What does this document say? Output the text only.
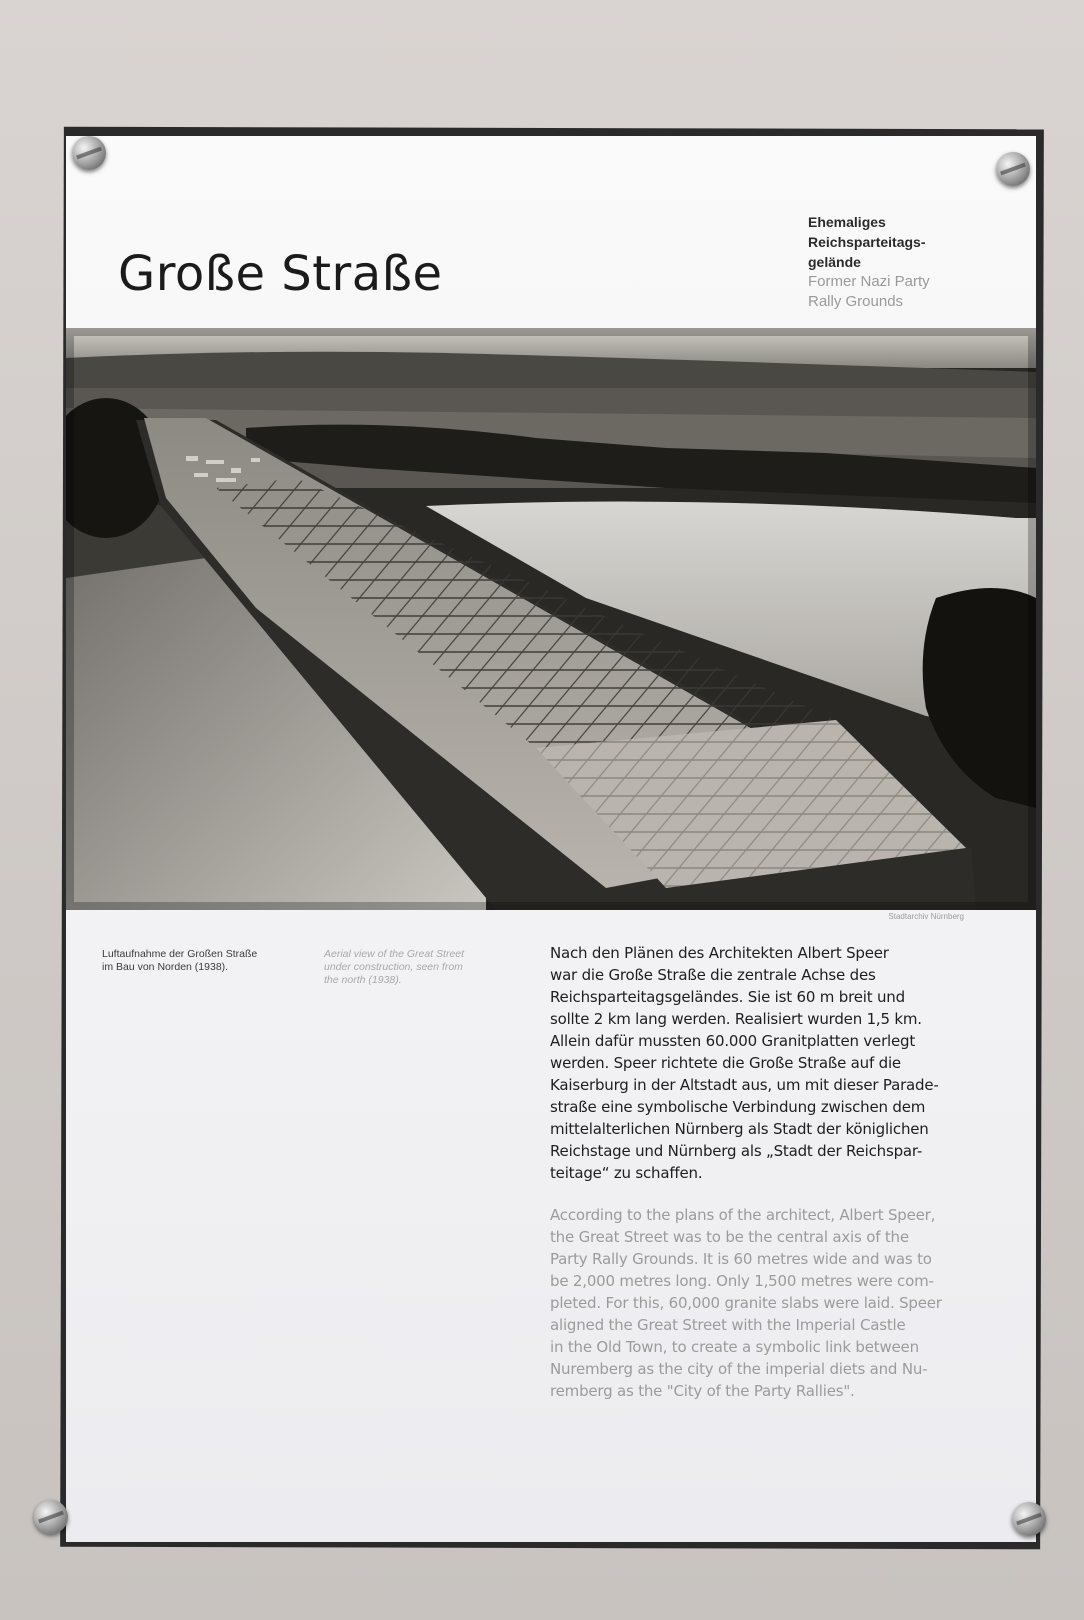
Große Straße
Ehemaliges
Reichsparteitags-
gelände
Former Nazi Party
Rally Grounds
Stadtarchiv Nürnberg
Luftaufnahme der Großen Straße
im Bau von Norden (1938).
Aerial view of the Great Street
under construction, seen from
the north (1938).

Nach den Plänen des Architekten Albert Speer
war die Große Straße die zentrale Achse des
Reichsparteitagsgeländes. Sie ist 60 m breit und
sollte 2 km lang werden. Realisiert wurden 1,5 km.
Allein dafür mussten 60.000 Granitplatten verlegt
werden. Speer richtete die Große Straße auf die
Kaiserburg in der Altstadt aus, um mit dieser Parade-
straße eine symbolische Verbindung zwischen dem
mittelalterlichen Nürnberg als Stadt der königlichen
Reichstage und Nürnberg als „Stadt der Reichspar-
teitage“ zu schaffen.

According to the plans of the architect, Albert Speer,
the Great Street was to be the central axis of the
Party Rally Grounds. It is 60 metres wide and was to
be 2,000 metres long. Only 1,500 metres were com-
pleted. For this, 60,000 granite slabs were laid. Speer
aligned the Great Street with the Imperial Castle
in the Old Town, to create a symbolic link between
Nuremberg as the city of the imperial diets and Nu-
remberg as the "City of the Party Rallies".
